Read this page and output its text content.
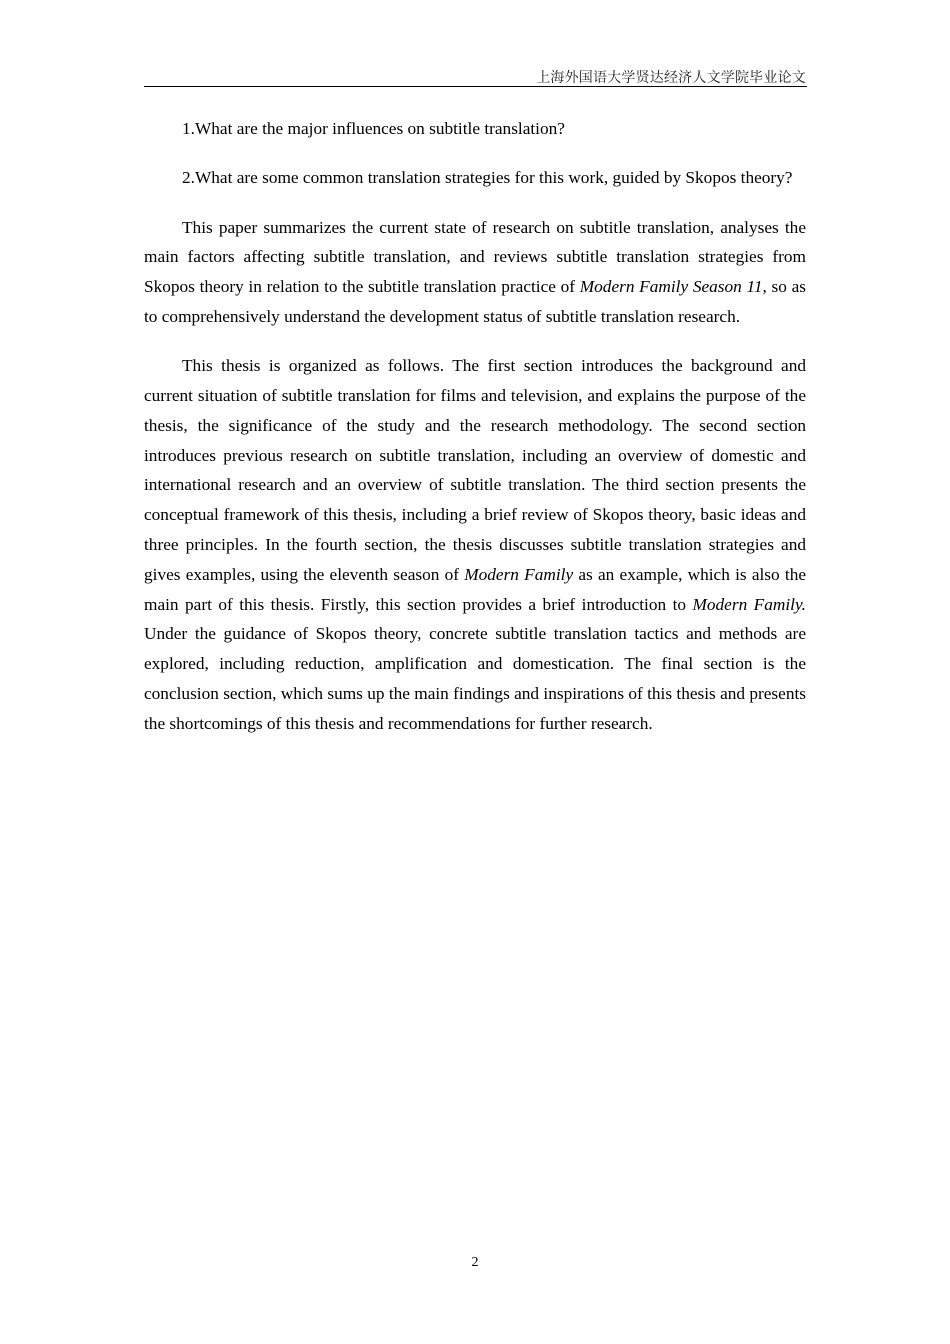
上海外国语大学贤达经济人文学院毕业论文

1.What are the major influences on subtitle translation?

2.What are some common translation strategies for this work, guided by Skopos theory?

This paper summarizes the current state of research on subtitle translation, analyses the main factors affecting subtitle translation, and reviews subtitle translation strategies from Skopos theory in relation to the subtitle translation practice of Modern Family Season 11, so as to comprehensively understand the development status of subtitle translation research.

This thesis is organized as follows. The first section introduces the background and current situation of subtitle translation for films and television, and explains the purpose of the thesis, the significance of the study and the research methodology. The second section introduces previous research on subtitle translation, including an overview of domestic and international research and an overview of subtitle translation. The third section presents the conceptual framework of this thesis, including a brief review of Skopos theory, basic ideas and three principles. In the fourth section, the thesis discusses subtitle translation strategies and gives examples, using the eleventh season of Modern Family as an example, which is also the main part of this thesis. Firstly, this section provides a brief introduction to Modern Family. Under the guidance of Skopos theory, concrete subtitle translation tactics and methods are explored, including reduction, amplification and domestication. The final section is the conclusion section, which sums up the main findings and inspirations of this thesis and presents the shortcomings of this thesis and recommendations for further research.

2
